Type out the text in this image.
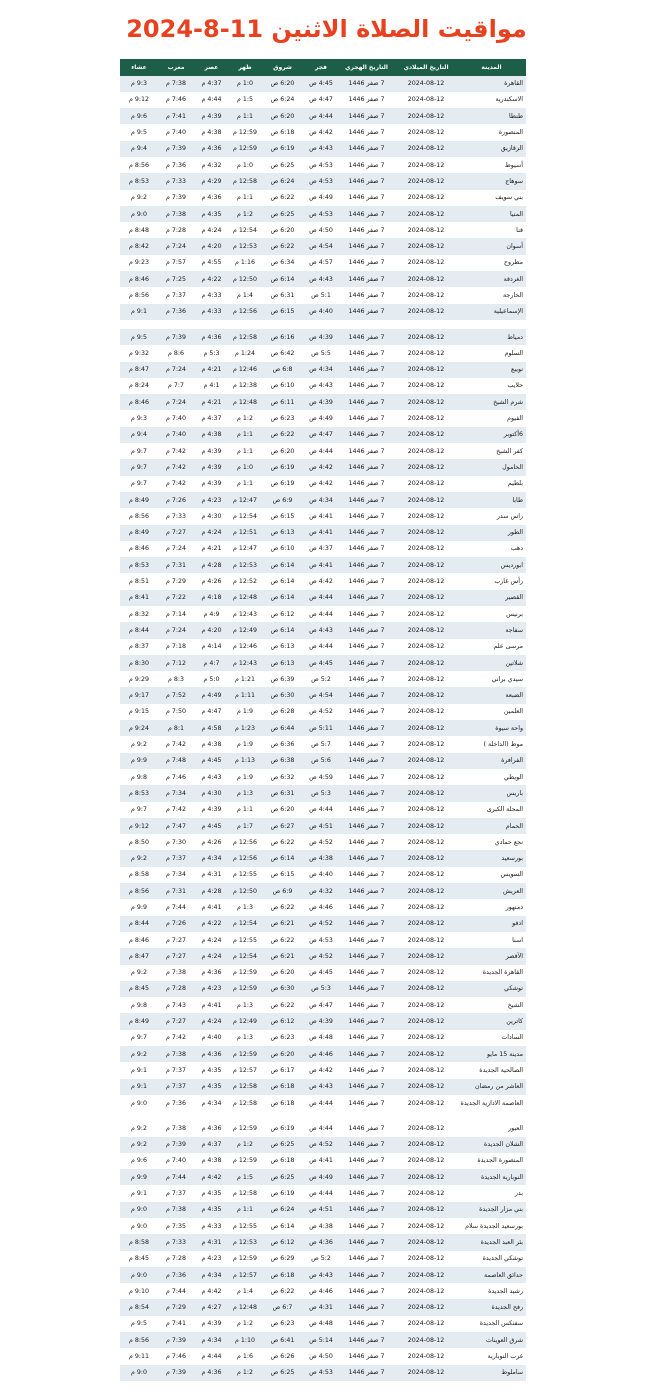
مواقيت الصلاة الاثنين 11-8-2024
المدينة	التاريخ الميلادي	التاريخ الهجري	فجر	شروق	ظهر	عصر	مغرب	عشاء
القاهرة	2024-08-12	7 صفر 1446	4:45 ص	6:20 ص	1:0 م	4:37 م	7:38 م	9:3 م
الاسكندرية	2024-08-12	7 صفر 1446	4:47 ص	6:24 ص	1:5 م	4:44 م	7:46 م	9:12 م
طنطا	2024-08-12	7 صفر 1446	4:44 ص	6:20 ص	1:1 م	4:39 م	7:41 م	9:6 م
المنصورة	2024-08-12	7 صفر 1446	4:42 ص	6:18 ص	12:59 م	4:38 م	7:40 م	9:5 م
الزقازيق	2024-08-12	7 صفر 1446	4:43 ص	6:19 ص	12:59 م	4:36 م	7:39 م	9:4 م
أسيوط	2024-08-12	7 صفر 1446	4:53 ص	6:25 ص	1:0 م	4:32 م	7:36 م	8:56 م
سوهاج	2024-08-12	7 صفر 1446	4:53 ص	6:24 ص	12:58 م	4:29 م	7:33 م	8:53 م
بني سويف	2024-08-12	7 صفر 1446	4:49 ص	6:22 ص	1:1 م	4:36 م	7:39 م	9:2 م
المنيا	2024-08-12	7 صفر 1446	4:53 ص	6:25 ص	1:2 م	4:35 م	7:38 م	9:0 م
قنا	2024-08-12	7 صفر 1446	4:50 ص	6:20 ص	12:54 م	4:24 م	7:28 م	8:48 م
أسوان	2024-08-12	7 صفر 1446	4:54 ص	6:22 ص	12:53 م	4:20 م	7:24 م	8:42 م
مطروح	2024-08-12	7 صفر 1446	4:57 ص	6:34 ص	1:16 م	4:55 م	7:57 م	9:23 م
الغردقة	2024-08-12	7 صفر 1446	4:43 ص	6:14 ص	12:50 م	4:22 م	7:25 م	8:46 م
الخارجة	2024-08-12	7 صفر 1446	5:1 ص	6:31 ص	1:4 م	4:33 م	7:37 م	8:56 م
الإسماعيلية	2024-08-12	7 صفر 1446	4:40 ص	6:15 ص	12:56 م	4:33 م	7:36 م	9:1 م

دمياط	2024-08-12	7 صفر 1446	4:39 ص	6:16 ص	12:58 م	4:36 م	7:39 م	9:5 م
السلوم	2024-08-12	7 صفر 1446	5:5 ص	6:42 ص	1:24 م	5:3 م	8:6 م	9:32 م
نويبع	2024-08-12	7 صفر 1446	4:34 ص	6:8 ص	12:46 م	4:21 م	7:24 م	8:47 م
حلايب	2024-08-12	7 صفر 1446	4:43 ص	6:10 ص	12:38 م	4:1 م	7:7 م	8:24 م
شرم الشيخ	2024-08-12	7 صفر 1446	4:39 ص	6:11 ص	12:48 م	4:21 م	7:24 م	8:46 م
الفيوم	2024-08-12	7 صفر 1446	4:49 ص	6:23 ص	1:2 م	4:37 م	7:40 م	9:3 م
6أكتوبر	2024-08-12	7 صفر 1446	4:47 ص	6:22 ص	1:1 م	4:38 م	7:40 م	9:4 م
كفر الشيخ	2024-08-12	7 صفر 1446	4:44 ص	6:20 ص	1:1 م	4:39 م	7:42 م	9:7 م
الحامول	2024-08-12	7 صفر 1446	4:42 ص	6:19 ص	1:0 م	4:39 م	7:42 م	9:7 م
بلطيم	2024-08-12	7 صفر 1446	4:42 ص	6:19 ص	1:1 م	4:39 م	7:42 م	9:7 م
طابا	2024-08-12	7 صفر 1446	4:34 ص	6:9 ص	12:47 م	4:23 م	7:26 م	8:49 م
راس سدر	2024-08-12	7 صفر 1446	4:41 ص	6:15 ص	12:54 م	4:30 م	7:33 م	8:56 م
الطور	2024-08-12	7 صفر 1446	4:41 ص	6:13 ص	12:51 م	4:24 م	7:27 م	8:49 م
دهب	2024-08-12	7 صفر 1446	4:37 ص	6:10 ص	12:47 م	4:21 م	7:24 م	8:46 م
ابورديس	2024-08-12	7 صفر 1446	4:41 ص	6:14 ص	12:53 م	4:28 م	7:31 م	8:53 م
رأس غارب	2024-08-12	7 صفر 1446	4:42 ص	6:14 ص	12:52 م	4:26 م	7:29 م	8:51 م
القصير	2024-08-12	7 صفر 1446	4:44 ص	6:14 ص	12:48 م	4:18 م	7:22 م	8:41 م
برنيس	2024-08-12	7 صفر 1446	4:44 ص	6:12 ص	12:43 م	4:9 م	7:14 م	8:32 م
سفاجة	2024-08-12	7 صفر 1446	4:43 ص	6:14 ص	12:49 م	4:20 م	7:24 م	8:44 م
مرسى علم	2024-08-12	7 صفر 1446	4:44 ص	6:13 ص	12:46 م	4:14 م	7:18 م	8:37 م
شلاتين	2024-08-12	7 صفر 1446	4:45 ص	6:13 ص	12:43 م	4:7 م	7:12 م	8:30 م
سيدي براني	2024-08-12	7 صفر 1446	5:2 ص	6:39 ص	1:21 م	5:0 م	8:3 م	9:29 م
الضبعة	2024-08-12	7 صفر 1446	4:54 ص	6:30 ص	1:11 م	4:49 م	7:52 م	9:17 م
العلمين	2024-08-12	7 صفر 1446	4:52 ص	6:28 ص	1:9 م	4:47 م	7:50 م	9:15 م
واحة سيوة	2024-08-12	7 صفر 1446	5:11 ص	6:44 ص	1:23 م	4:58 م	8:1 م	9:24 م
موط (الداخلة )	2024-08-12	7 صفر 1446	5:7 ص	6:36 ص	1:9 م	4:38 م	7:42 م	9:2 م
الفرافرة	2024-08-12	7 صفر 1446	5:6 ص	6:38 ص	1:13 م	4:45 م	7:48 م	9:9 م
الويطي	2024-08-12	7 صفر 1446	4:59 ص	6:32 ص	1:9 م	4:43 م	7:46 م	9:8 م
باريس	2024-08-12	7 صفر 1446	5:3 ص	6:31 ص	1:3 م	4:30 م	7:34 م	8:53 م
المحلة الكبرى	2024-08-12	7 صفر 1446	4:44 ص	6:20 ص	1:1 م	4:39 م	7:42 م	9:7 م
الحمام	2024-08-12	7 صفر 1446	4:51 ص	6:27 ص	1:7 م	4:45 م	7:47 م	9:12 م
نجع حمادي	2024-08-12	7 صفر 1446	4:52 ص	6:22 ص	12:56 م	4:26 م	7:30 م	8:50 م
بورسعيد	2024-08-12	7 صفر 1446	4:38 ص	6:14 ص	12:56 م	4:34 م	7:37 م	9:2 م
السويس	2024-08-12	7 صفر 1446	4:40 ص	6:15 ص	12:55 م	4:31 م	7:34 م	8:58 م
العريش	2024-08-12	7 صفر 1446	4:32 ص	6:9 ص	12:50 م	4:28 م	7:31 م	8:56 م
دمنهور	2024-08-12	7 صفر 1446	4:46 ص	6:22 ص	1:3 م	4:41 م	7:44 م	9:9 م
ادفو	2024-08-12	7 صفر 1446	4:52 ص	6:21 ص	12:54 م	4:22 م	7:26 م	8:44 م
اسنا	2024-08-12	7 صفر 1446	4:53 ص	6:22 ص	12:55 م	4:24 م	7:27 م	8:46 م
الأقصر	2024-08-12	7 صفر 1446	4:52 ص	6:21 ص	12:54 م	4:24 م	7:27 م	8:47 م
القاهرة الجديدة	2024-08-12	7 صفر 1446	4:45 ص	6:20 ص	12:59 م	4:36 م	7:38 م	9:2 م
توشكي	2024-08-12	7 صفر 1446	5:3 ص	6:30 ص	12:59 م	4:23 م	7:28 م	8:45 م
الشيخ	2024-08-12	7 صفر 1446	4:47 ص	6:22 ص	1:3 م	4:41 م	7:43 م	9:8 م
كاترين	2024-08-12	7 صفر 1446	4:39 ص	6:12 ص	12:49 م	4:24 م	7:27 م	8:49 م
السادات	2024-08-12	7 صفر 1446	4:48 ص	6:23 ص	1:3 م	4:40 م	7:42 م	9:7 م
مدينة 15 مايو	2024-08-12	7 صفر 1446	4:46 ص	6:20 ص	12:59 م	4:36 م	7:38 م	9:2 م
الصالحية الجديدة	2024-08-12	7 صفر 1446	4:42 ص	6:17 ص	12:57 م	4:35 م	7:37 م	9:1 م
العاشر من رمضان	2024-08-12	7 صفر 1446	4:43 ص	6:18 ص	12:58 م	4:35 م	7:37 م	9:1 م
العاصمة الادارية الجديدة	2024-08-12	7 صفر 1446	4:44 ص	6:18 ص	12:58 م	4:34 م	7:36 م	9:0 م

العبور	2024-08-12	7 صفر 1446	4:44 ص	6:19 ص	12:59 م	4:36 م	7:38 م	9:2 م
الشلان الجديدة	2024-08-12	7 صفر 1446	4:52 ص	6:25 ص	1:2 م	4:37 م	7:39 م	9:2 م
المنصورة الجديدة	2024-08-12	7 صفر 1446	4:41 ص	6:18 ص	12:59 م	4:38 م	7:40 م	9:6 م
النوبارية الجديدة	2024-08-12	7 صفر 1446	4:49 ص	6:25 ص	1:5 م	4:42 م	7:44 م	9:9 م
بدر	2024-08-12	7 صفر 1446	4:44 ص	6:19 ص	12:58 م	4:35 م	7:37 م	9:1 م
بني مزار الجديدة	2024-08-12	7 صفر 1446	4:51 ص	6:24 ص	1:1 م	4:35 م	7:38 م	9:0 م
بورسعيد الجديدة سلام	2024-08-12	7 صفر 1446	4:38 ص	6:14 ص	12:55 م	4:33 م	7:35 م	9:0 م
بئر العبد الجديدة	2024-08-12	7 صفر 1446	4:36 ص	6:12 ص	12:53 م	4:31 م	7:33 م	8:58 م
توشكي الجديدة	2024-08-12	7 صفر 1446	5:2 ص	6:29 ص	12:59 م	4:23 م	7:28 م	8:45 م
حدائق العاصمة	2024-08-12	7 صفر 1446	4:43 ص	6:18 ص	12:57 م	4:34 م	7:36 م	9:0 م
رشيد الجديدة	2024-08-12	7 صفر 1446	4:46 ص	6:22 ص	1:4 م	4:42 م	7:44 م	9:10 م
رفح الجديدة	2024-08-12	7 صفر 1446	4:31 ص	6:7 ص	12:48 م	4:27 م	7:29 م	8:54 م
سفنكس الجديدة	2024-08-12	7 صفر 1446	4:48 ص	6:23 ص	1:2 م	4:39 م	7:41 م	9:5 م
شرق العوينات	2024-08-12	7 صفر 1446	5:14 ص	6:41 ص	1:10 م	4:34 م	7:39 م	8:56 م
غرب النوبارية	2024-08-12	7 صفر 1446	4:50 ص	6:26 ص	1:6 م	4:44 م	7:46 م	9:11 م
ساملوط	2024-08-12	7 صفر 1446	4:53 ص	6:25 ص	1:2 م	4:36 م	7:39 م	9:0 م
